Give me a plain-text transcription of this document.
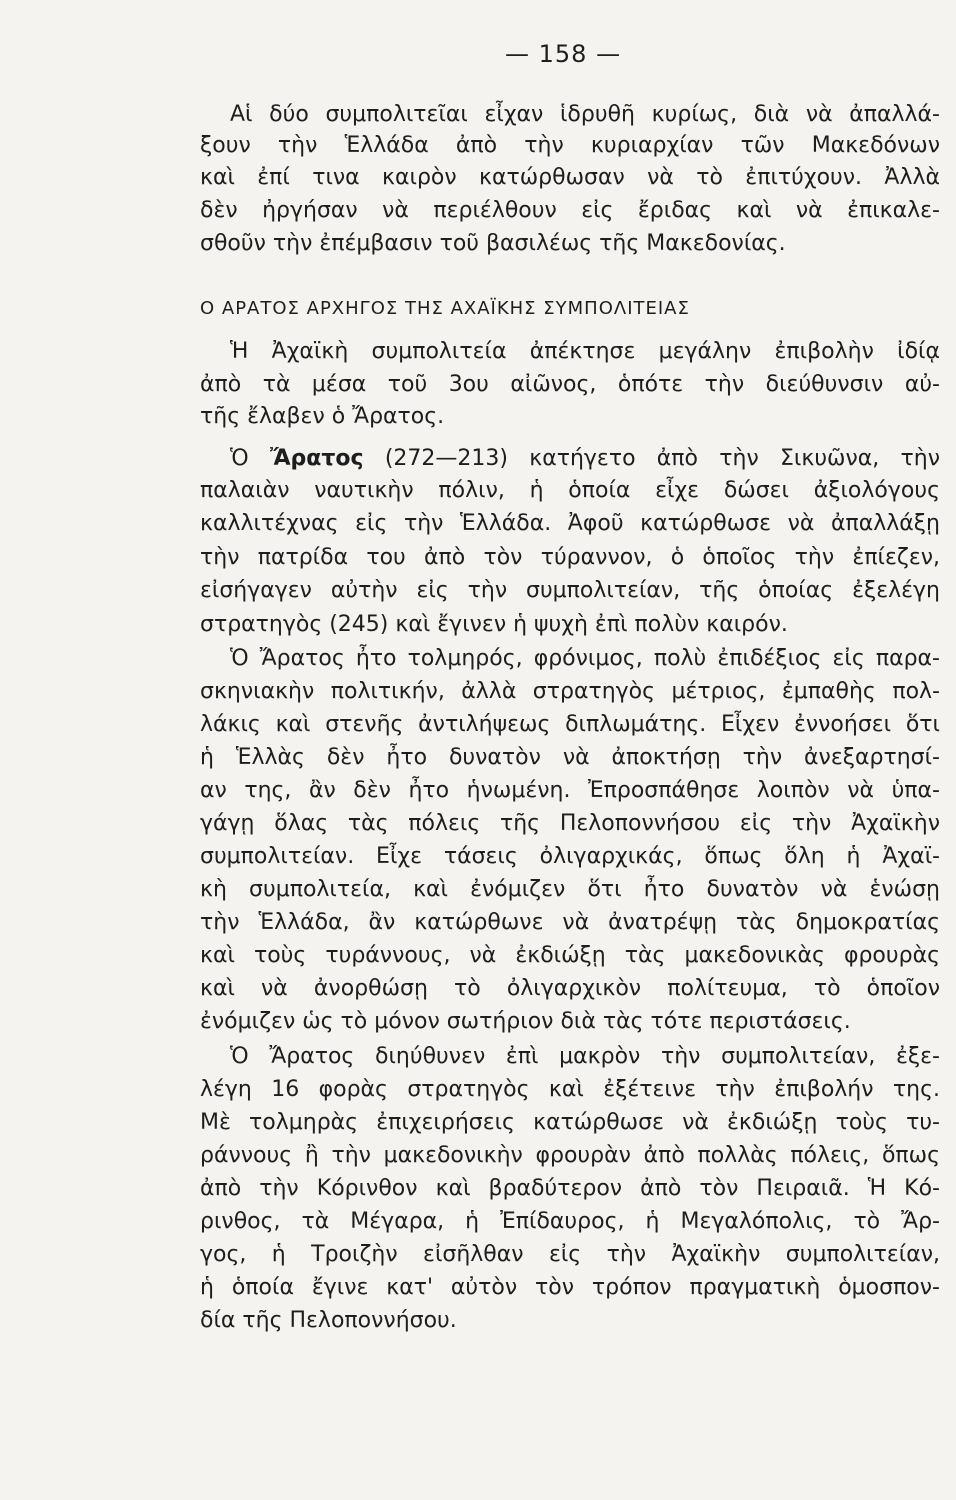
— 158 —
Αἱ δύο συμπολιτεῖαι εἶχαν ἱδρυθῆ κυρίως, διὰ νὰ ἀπαλλά-
ξουν τὴν Ἑλλάδα ἀπὸ τὴν κυριαρχίαν τῶν Μακεδόνων
καὶ ἐπί τινα καιρὸν κατώρθωσαν νὰ τὸ ἐπιτύχουν. Ἀλλὰ
δὲν ἠργήσαν νὰ περιέλθουν εἰς ἔριδας καὶ νὰ ἐπικαλε-
σθοῦν τὴν ἐπέμβασιν τοῦ βασιλέως τῆς Μακεδονίας.
Ο ΑΡΑΤΟΣ ΑΡΧΗΓΟΣ ΤΗΣ ΑΧΑΪΚΗΣ ΣΥΜΠΟΛΙΤΕΙΑΣ
Ἡ Ἀχαϊκὴ συμπολιτεία ἀπέκτησε μεγάλην ἐπιβολὴν ἰδίᾳ
ἀπὸ τὰ μέσα τοῦ 3ου αἰῶνος, ὁπότε τὴν διεύθυνσιν αὐ-
τῆς ἔλαβεν ὁ Ἄρατος.
Ὁ Ἄρατος (272—213) κατήγετο ἀπὸ τὴν Σικυῶνα, τὴν
παλαιὰν ναυτικὴν πόλιν, ἡ ὁποία εἶχε δώσει ἀξιολόγους
καλλιτέχνας εἰς τὴν Ἑλλάδα. Ἀφοῦ κατώρθωσε νὰ ἀπαλλάξῃ
τὴν πατρίδα του ἀπὸ τὸν τύραννον, ὁ ὁποῖος τὴν ἐπίεζεν,
εἰσήγαγεν αὐτὴν εἰς τὴν συμπολιτείαν, τῆς ὁποίας ἐξελέγη
στρατηγὸς (245) καὶ ἔγινεν ἡ ψυχὴ ἐπὶ πολὺν καιρόν.
Ὁ Ἄρατος ἦτο τολμηρός, φρόνιμος, πολὺ ἐπιδέξιος εἰς παρα-
σκηνιακὴν πολιτικήν, ἀλλὰ στρατηγὸς μέτριος, ἐμπαθὴς πολ-
λάκις καὶ στενῆς ἀντιλήψεως διπλωμάτης. Εἶχεν ἐννοήσει ὅτι
ἡ Ἑλλὰς δὲν ἦτο δυνατὸν νὰ ἀποκτήσῃ τὴν ἀνεξαρτησί-
αν της, ἂν δὲν ἦτο ἡνωμένη. Ἐπροσπάθησε λοιπὸν νὰ ὑπα-
γάγῃ ὅλας τὰς πόλεις τῆς Πελοποννήσου εἰς τὴν Ἀχαϊκὴν
συμπολιτείαν. Εἶχε τάσεις ὀλιγαρχικάς, ὅπως ὅλη ἡ Ἀχαϊ-
κὴ συμπολιτεία, καὶ ἐνόμιζεν ὅτι ἦτο δυνατὸν νὰ ἑνώσῃ
τὴν Ἑλλάδα, ἂν κατώρθωνε νὰ ἀνατρέψῃ τὰς δημοκρατίας
καὶ τοὺς τυράννους, νὰ ἐκδιώξῃ τὰς μακεδονικὰς φρουρὰς
καὶ νὰ ἀνορθώσῃ τὸ ὀλιγαρχικὸν πολίτευμα, τὸ ὁποῖον
ἐνόμιζεν ὡς τὸ μόνον σωτήριον διὰ τὰς τότε περιστάσεις.
Ὁ Ἄρατος διηύθυνεν ἐπὶ μακρὸν τὴν συμπολιτείαν, ἐξε-
λέγη 16 φορὰς στρατηγὸς καὶ ἐξέτεινε τὴν ἐπιβολήν της.
Μὲ τολμηρὰς ἐπιχειρήσεις κατώρθωσε νὰ ἐκδιώξῃ τοὺς τυ-
ράννους ἢ τὴν μακεδονικὴν φρουρὰν ἀπὸ πολλὰς πόλεις, ὅπως
ἀπὸ τὴν Κόρινθον καὶ βραδύτερον ἀπὸ τὸν Πειραιᾶ. Ἡ Κό-
ρινθος, τὰ Μέγαρα, ἡ Ἐπίδαυρος, ἡ Μεγαλόπολις, τὸ Ἄρ-
γος, ἡ Τροιζὴν εἰσῆλθαν εἰς τὴν Ἀχαϊκὴν συμπολιτείαν,
ἡ ὁποία ἔγινε κατ' αὐτὸν τὸν τρόπον πραγματικὴ ὁμοσπον-
δία τῆς Πελοποννήσου.
